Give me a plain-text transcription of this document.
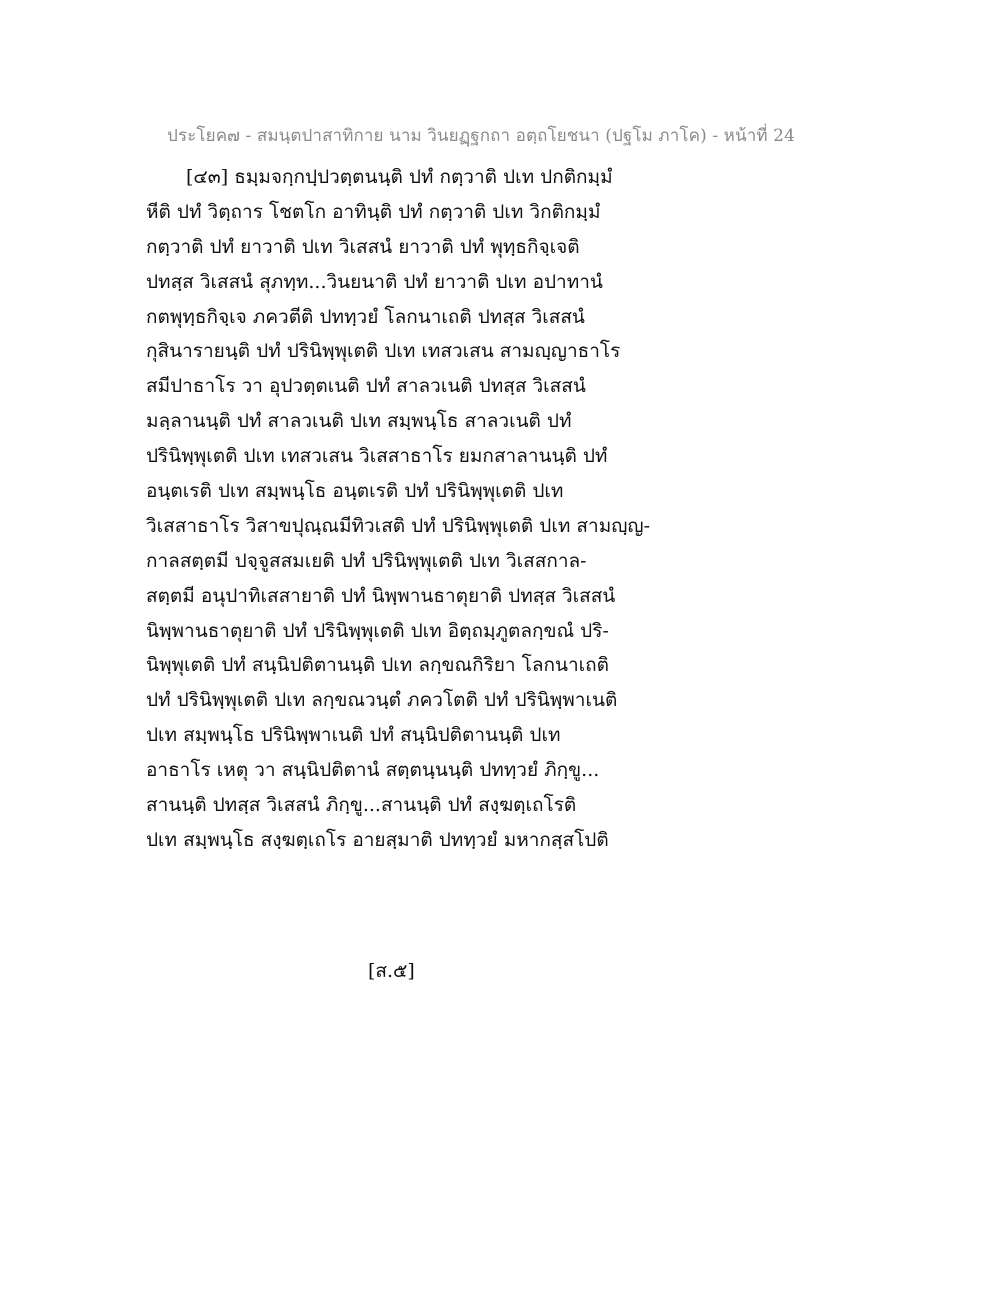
ประโยค๗ - สมนฺตปาสาทิกาย นาม วินยฏฺฐกถา อตฺถโยชนา (ปฐโม ภาโค) - หน้าที่ 24
[๔๓] ธมฺมจกฺกปฺปวตฺตนนฺติ ปทํ กตฺวาติ ปเท ปกติกมฺมํ
หีติ ปทํ วิตฺถาร โชตโก อาทินฺติ ปทํ กตฺวาติ ปเท วิกติกมฺมํ
กตฺวาติ ปทํ ยาวาติ ปเท วิเสสนํ ยาวาติ ปทํ พุทฺธกิจฺเจติ
ปทสฺส วิเสสนํ สุภทฺท...วินยนาติ ปทํ ยาวาติ ปเท อปาทานํ
กตพุทฺธกิจฺเจ ภควตีติ ปททฺวยํ โลกนาเถติ ปทสฺส วิเสสนํ
กุสินารายนฺติ ปทํ ปรินิพฺพุเตติ ปเท เทสวเสน สามญฺญาธาโร
สมีปาธาโร วา อุปวตฺตเนติ ปทํ สาลวเนติ ปทสฺส วิเสสนํ
มลฺลานนฺติ ปทํ สาลวเนติ ปเท สมฺพนฺโธ สาลวเนติ ปทํ
ปรินิพฺพุเตติ ปเท เทสวเสน วิเสสาธาโร ยมกสาลานนฺติ ปทํ
อนฺตเรติ ปเท สมฺพนฺโธ อนฺตเรติ ปทํ ปรินิพฺพุเตติ ปเท
วิเสสาธาโร วิสาขปุณฺณมีทิวเสติ ปทํ ปรินิพฺพุเตติ ปเท สามญฺญ-
กาลสตฺตมี ปจฺจูสสมเยติ ปทํ ปรินิพฺพุเตติ ปเท วิเสสกาล-
สตฺตมี อนุปาทิเสสายาติ ปทํ นิพฺพานธาตุยาติ ปทสฺส วิเสสนํ
นิพฺพานธาตุยาติ ปทํ ปรินิพฺพุเตติ ปเท อิตฺถมฺภูตลกฺขณํ ปริ-
นิพฺพุเตติ ปทํ สนฺนิปติตานนฺติ ปเท ลกฺขณกิริยา โลกนาเถติ
ปทํ ปรินิพฺพุเตติ ปเท ลกฺขณวนฺตํ ภควโตติ ปทํ ปรินิพฺพาเนติ
ปเท สมฺพนฺโธ ปรินิพฺพาเนติ ปทํ สนฺนิปติตานนฺติ ปเท
อาธาโร เหตุ วา สนฺนิปติตานํ สตฺตนฺนนฺติ ปททฺวยํ ภิกฺขู...
สานนฺติ ปทสฺส วิเสสนํ ภิกฺขู...สานนฺติ ปทํ สงฺฆตฺเถโรติ
ปเท สมฺพนฺโธ สงฺฆตฺเถโร อายสฺมาติ ปททฺวยํ มหากสฺสโปติ
[ส.๕]
